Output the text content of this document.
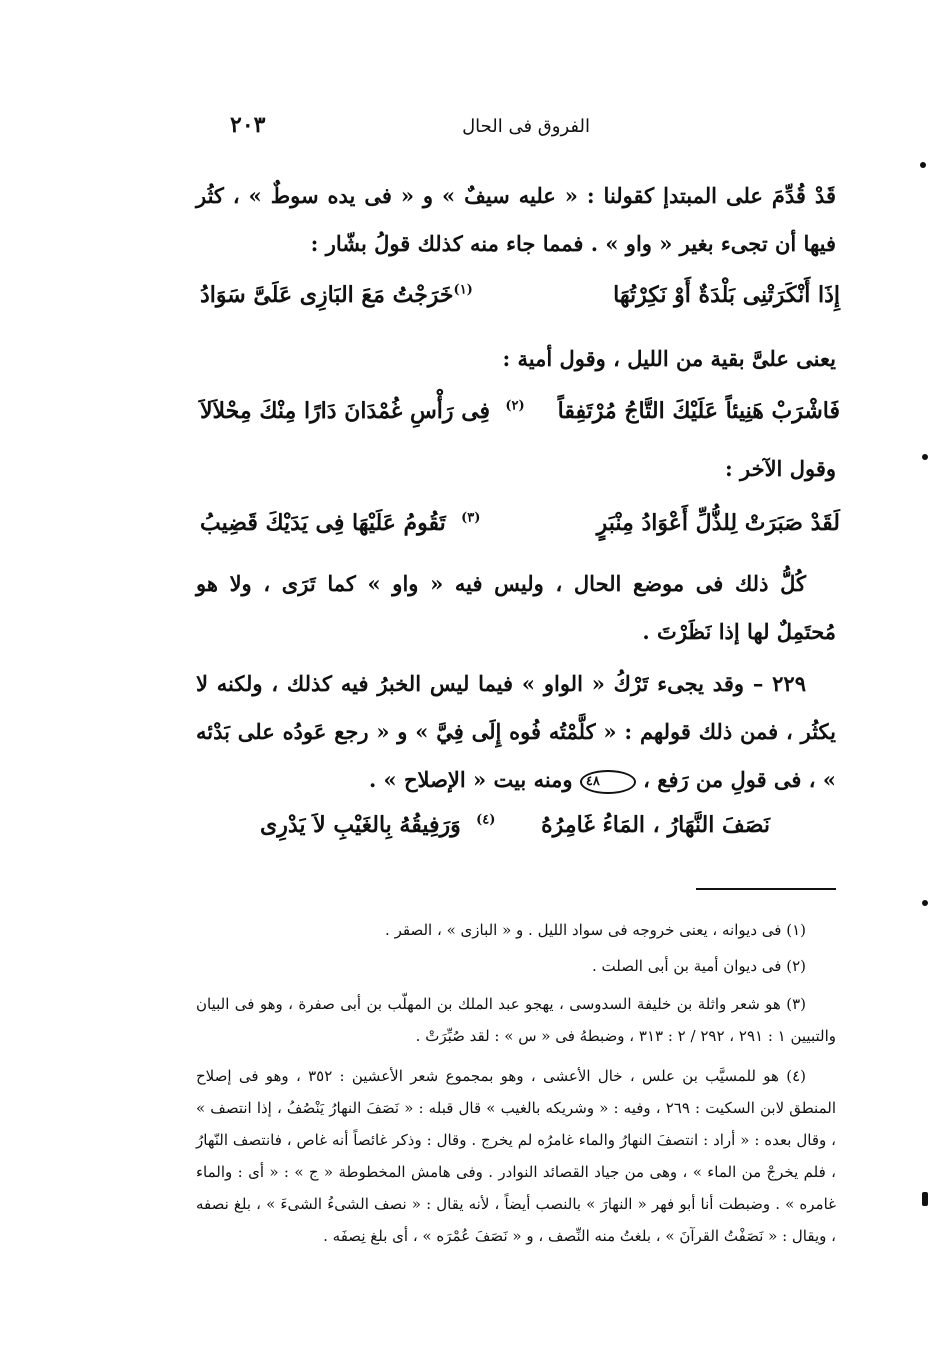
الفروق فى الحال
٢٠٣
قَدْ قُدِّمَ على المبتدإ كقولنا : « عليه سيفٌ » و « فى يده سوطٌ » ، كثُر فيها أن تجىء بغير « واو » . فمما جاء منه كذلك قولُ بشّار :
إِذَا أَنْكَرَتْنِى بَلْدَةٌ أَوْ نَكِرْتُهَا
$^{(١)}$خَرَجْتُ مَعَ البَازِى عَلَىَّ سَوَادُ
يعنى علىَّ بقية من الليل ، وقول أمية :
فَاشْرَبْ هَنِيئاً عَلَيْكَ التَّاجُ مُرْتَفِقاً
$^{(٢)}$  فِى رَأْسِ غُمْدَانَ دَارًا مِنْكَ مِحْلاَلاَ
وقول الآخر :
لَقَدْ صَبَرَتْ لِلذُّلِّ أَعْوَادُ مِنْبَرٍ
$^{(٣)}$  تَقُومُ عَلَيْهَا فِى يَدَيْكَ قَضِيبُ
كُلُّ ذلك فى موضع الحال ، وليس فيه « واو » كما تَرَى ، ولا هو مُحتَمِلٌ لها إذا نَظَرْتَ .
٢٢٩ – وقد يجىء تَرْكُ « الواو » فيما ليس الخبرُ فيه كذلك ، ولكنه لا يكثُر ، فمن ذلك قولهم : « كلَّمْتُه فُوه إِلَى فِيَّ » و « رجع عَودُه على بَدْئه » ، فى قولِ من رَفع ، ٤٨ ومنه بيت « الإصلاح » .
نَصَفَ النَّهَارُ ، المَاءُ غَامِرُهُ
$^{(٤)}$  وَرَفِيقُهُ بِالغَيْبِ لاَ يَدْرِى
(١) فى ديوانه ، يعنى خروجه فى سواد الليل . و « البازى » ، الصقر .
(٢) فى ديوان أمية بن أبى الصلت .
(٣) هو شعر واثلة بن خليفة السدوسى ، يهجو عبد الملك بن المهلّب بن أبى صفرة ، وهو فى البيان والتبيين ١ : ٢٩١ ، ٢٩٢ / ٢ : ٣١٣ ، وضبطهُ فى « س » : لقد صُبِّرَتْ .
(٤) هو للمسيَّب بن علس ، خال الأعشى ، وهو بمجموع شعر الأعشين : ٣٥٢ ، وهو فى إصلاح المنطق لابن السكيت : ٢٦٩ ، وفيه : « وشريكه بالغيب » قال قبله : « نَصَفَ النهارُ يَنْصُفُ ، إذا انتصف » ، وقال بعده : « أراد : انتصفَ النهارُ والماء غامرُه لم يخرج . وقال : وذكر غائصاً أنه غاص ، فانتصف النّهارُ ، فلم يخرجْ من الماء » ، وهى من جياد القصائد النوادر . وفى هامش المخطوطة « ج » : « أى : والماء غامره » . وضبطت أنا أبو فهر « النهارَ » بالنصب أيضاً ، لأنه يقال : « نصف الشىءُ الشىءَ » ، بلغ نصفه ، ويقال : « نَصَفْتُ القرآنَ » ، بلغتُ منه النِّصف ، و « نَصَفَ عُمْرَه » ، أى بلغ نِصفَه .
